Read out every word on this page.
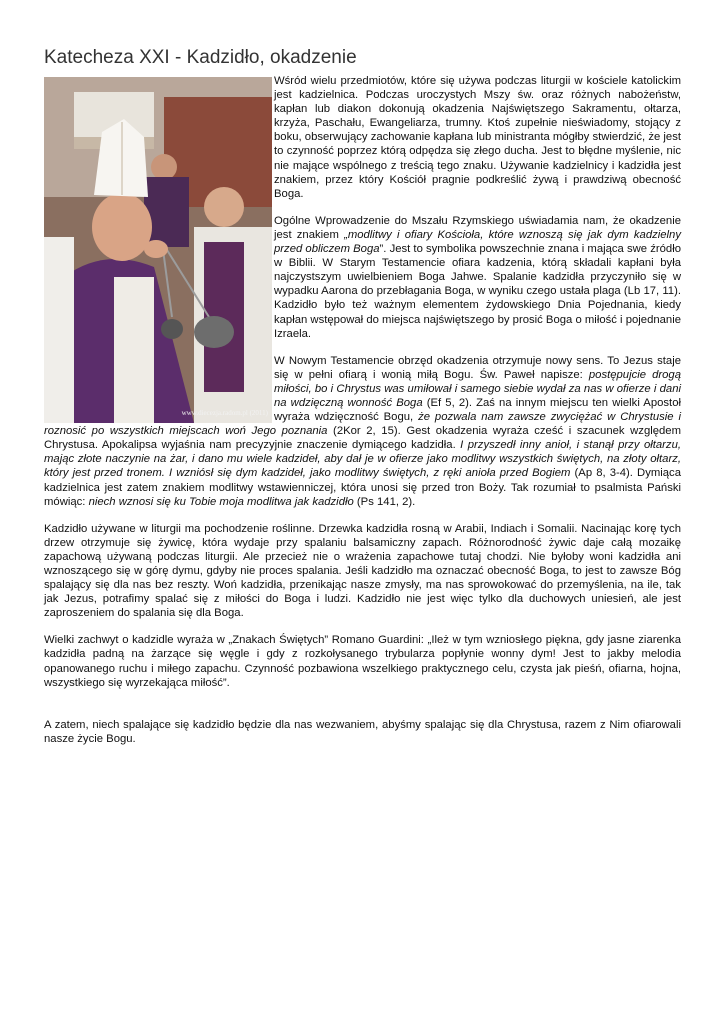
Katecheza XXI - Kadzidło, okadzenie
www.diecezja.radom.pl (2011)

Wśród wielu przedmiotów, które się używa podczas liturgii w kościele katolickim jest kadzielnica. Podczas uroczystych Mszy św. oraz różnych nabożeństw, kapłan lub diakon dokonują okadzenia Najświętszego Sakramentu, ołtarza, krzyża, Paschału, Ewangeliarza, trumny. Ktoś zupełnie nieświadomy, stojący z boku, obserwujący zachowanie kapłana lub ministranta mógłby stwierdzić, że jest to czynność poprzez którą odpędza się złego ducha. Jest to błędne myślenie, nic nie mające wspólnego z treścią tego znaku. Używanie kadzielnicy i kadzidła jest znakiem, przez który Kościół pragnie podkreślić żywą i prawdziwą obecność Boga.

Ogólne Wprowadzenie do Mszału Rzymskiego uświadamia nam, że okadzenie jest znakiem „modlitwy i ofiary Kościoła, które wznoszą się jak dym kadzielny przed obliczem Boga”. Jest to symbolika powszechnie znana i mająca swe źródło w Biblii. W Starym Testamencie ofiara kadzenia, którą składali kapłani była najczystszym uwielbieniem Boga Jahwe. Spalanie kadzidła przyczyniło się w wypadku Aarona do przebłagania Boga, w wyniku czego ustała plaga (Lb 17, 11). Kadzidło było też ważnym elementem żydowskiego Dnia Pojednania, kiedy kapłan wstępował do miejsca najświętszego by prosić Boga o miłość i pojednanie Izraela.

W Nowym Testamencie obrzęd okadzenia otrzymuje nowy sens. To Jezus staje się w pełni ofiarą i wonią miłą Bogu. Św. Paweł napisze: postępujcie drogą miłości, bo i Chrystus was umiłował i samego siebie wydał za nas w ofierze i dani na wdzięczną wonność Boga (Ef 5, 2). Zaś na innym miejscu ten wielki Apostoł wyraża wdzięczność Bogu, że pozwala nam zawsze zwyciężać w Chrystusie i roznosić po wszystkich miejscach woń Jego poznania (2Kor 2, 15). Gest okadzenia wyraża cześć i szacunek względem Chrystusa. Apokalipsa wyjaśnia nam precyzyjnie znaczenie dymiącego kadzidła. I przyszedł inny anioł, i stanął przy ołtarzu, mając złote naczynie na żar, i dano mu wiele kadzideł, aby dał je w ofierze jako modlitwy wszystkich świętych, na złoty ołtarz, który jest przed tronem. I wzniósł się dym kadzideł, jako modlitwy świętych, z ręki anioła przed Bogiem (Ap 8, 3-4). Dymiąca kadzielnica jest zatem znakiem modlitwy wstawienniczej, która unosi się przed tron Boży. Tak rozumiał to psalmista Pański mówiąc: niech wznosi się ku Tobie moja modlitwa jak kadzidło (Ps 141, 2).

Kadzidło używane w liturgii ma pochodzenie roślinne. Drzewka kadzidła rosną w Arabii, Indiach i Somalii. Nacinając korę tych drzew otrzymuje się żywicę, która wydaje przy spalaniu balsamiczny zapach. Różnorodność żywic daje całą mozaikę zapachową używaną podczas liturgii. Ale przecież nie o wrażenia zapachowe tutaj chodzi. Nie byłoby woni kadzidła ani wznoszącego się w górę dymu, gdyby nie proces spalania. Jeśli kadzidło ma oznaczać obecność Boga, to jest to zawsze Bóg spalający się dla nas bez reszty. Woń kadzidła, przenikając nasze zmysły, ma nas sprowokować do przemyślenia, na ile, tak jak Jezus, potrafimy spalać się z miłości do Boga i ludzi. Kadzidło nie jest więc tylko dla duchowych uniesień, ale jest zaproszeniem do spalania się dla Boga.

Wielki zachwyt o kadzidle wyraża w „Znakach Świętych” Romano Guardini: „Ileż w tym wzniosłego piękna, gdy jasne ziarenka kadzidła padną na żarzące się węgle i gdy z rozkołysanego trybularza popłynie wonny dym! Jest to jakby melodia opanowanego ruchu i miłego zapachu. Czynność pozbawiona wszelkiego praktycznego celu, czysta jak pieśń, ofiarna, hojna, wszystkiego się wyrzekająca miłość”.

A zatem, niech spalające się kadzidło będzie dla nas wezwaniem, abyśmy spalając się dla Chrystusa, razem z Nim ofiarowali nasze życie Bogu.
